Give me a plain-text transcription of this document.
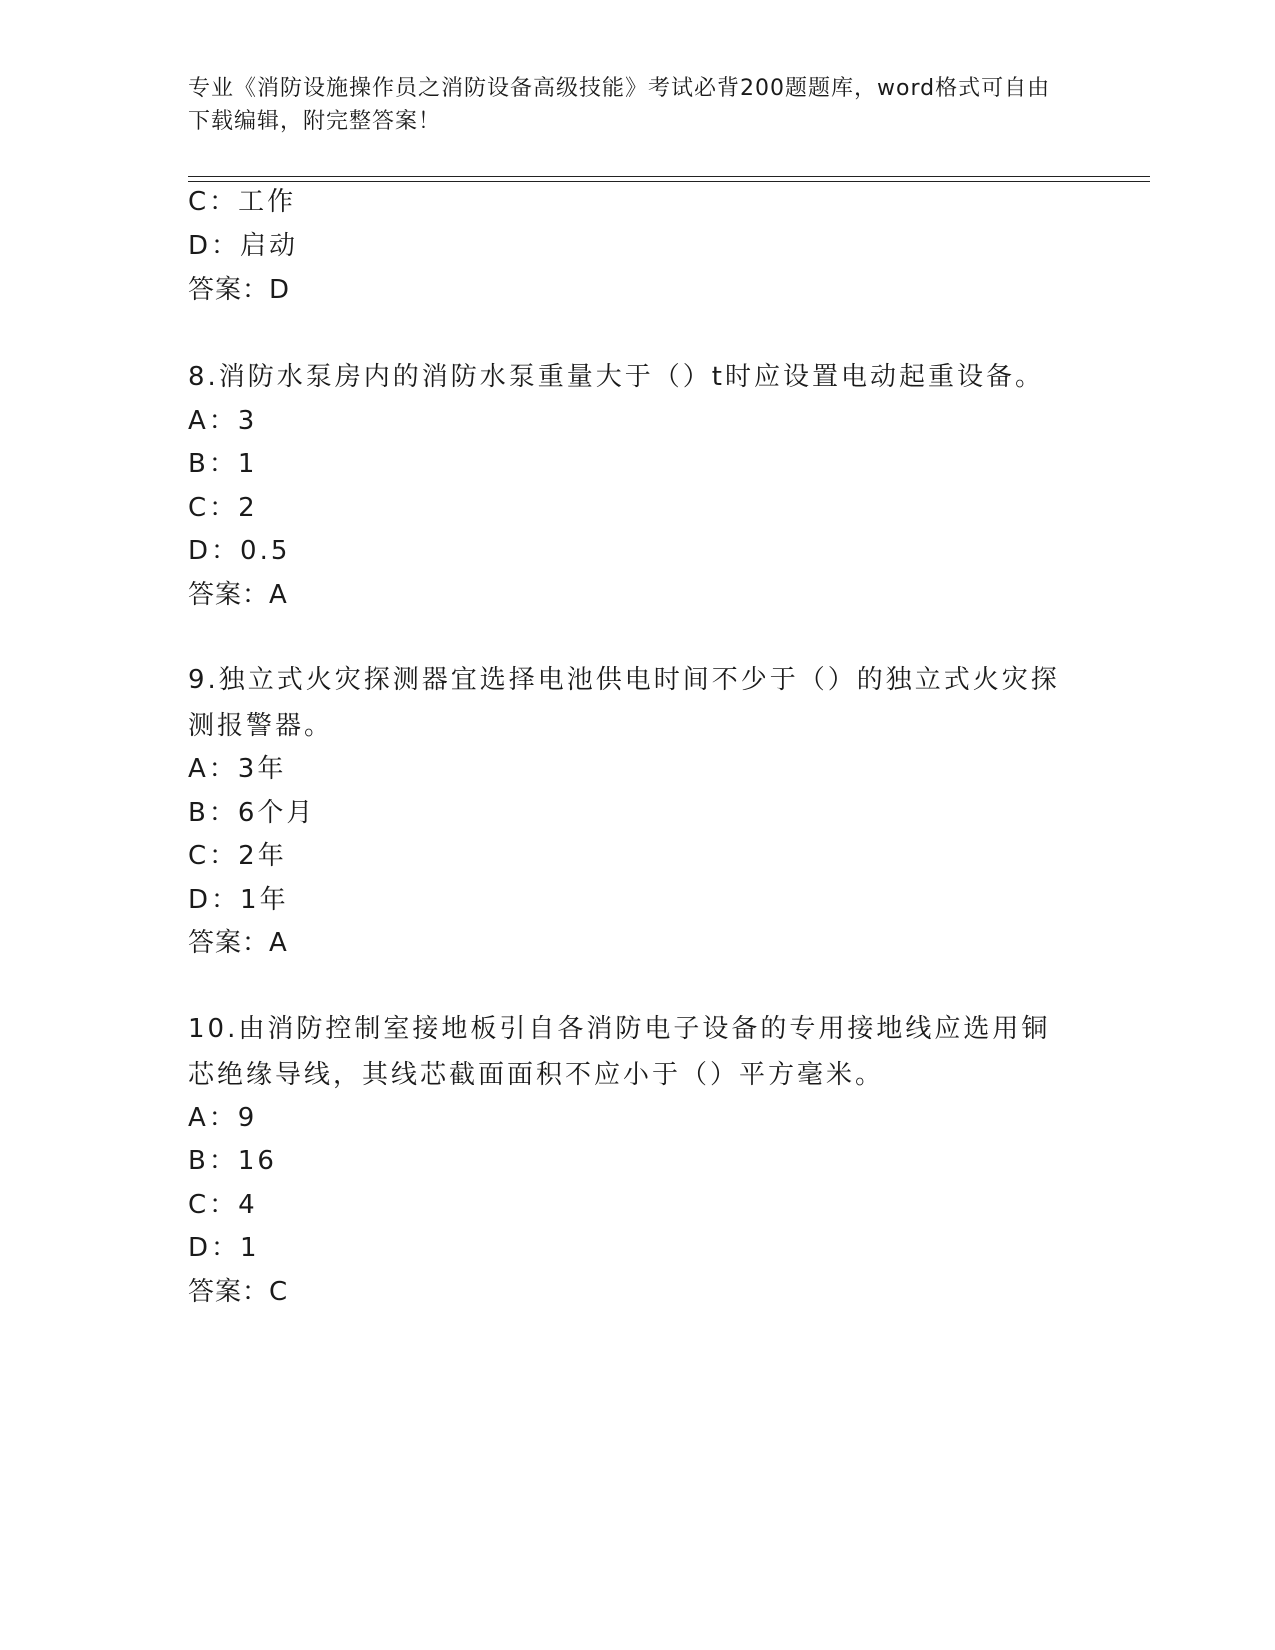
专业《消防设施操作员之消防设备高级技能》考试必背200题题库，word格式可自由下载编辑，附完整答案！
C：工作
D：启动
答案：D
8.消防水泵房内的消防水泵重量大于（）t时应设置电动起重设备。
A：3
B：1
C：2
D：0.5
答案：A
9.独立式火灾探测器宜选择电池供电时间不少于（）的独立式火灾探测报警器。
A：3年
B：6个月
C：2年
D：1年
答案：A
10.由消防控制室接地板引自各消防电子设备的专用接地线应选用铜芯绝缘导线，其线芯截面面积不应小于（）平方毫米。
A：9
B：16
C：4
D：1
答案：C
